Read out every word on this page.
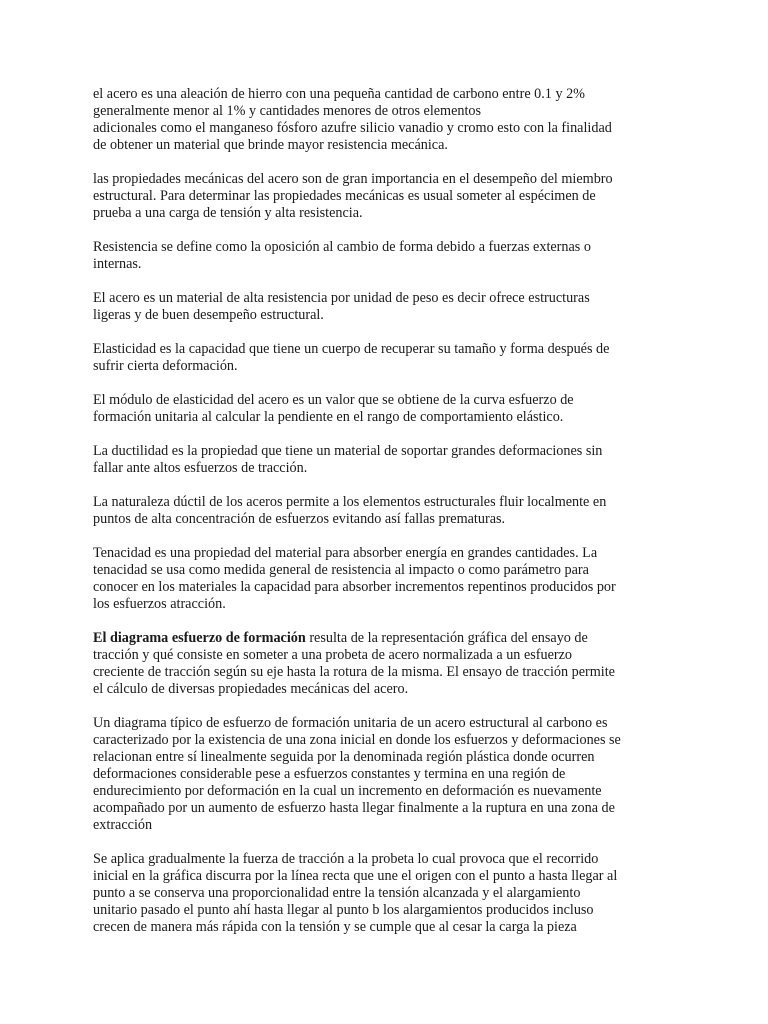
el acero es una aleación de hierro con una pequeña cantidad de carbono entre 0.1 y 2%
generalmente menor al 1% y cantidades menores de otros elementos
adicionales como el manganeso fósforo azufre silicio vanadio y cromo esto con la finalidad
de obtener un material que brinde mayor resistencia mecánica.
las propiedades mecánicas del acero son de gran importancia en el desempeño del miembro
estructural. Para determinar las propiedades mecánicas es usual someter al espécimen de
prueba a una carga de tensión y alta resistencia.
Resistencia se define como la oposición al cambio de forma debido a fuerzas externas o
internas.
El acero es un material de alta resistencia por unidad de peso es decir ofrece estructuras
ligeras y de buen desempeño estructural.
Elasticidad es la capacidad que tiene un cuerpo de recuperar su tamaño y forma después de
sufrir cierta deformación.
El módulo de elasticidad del acero es un valor que se obtiene de la curva esfuerzo de
formación unitaria al calcular la pendiente en el rango de comportamiento elástico.
La ductilidad es la propiedad que tiene un material de soportar grandes deformaciones sin
fallar ante altos esfuerzos de tracción.
La naturaleza dúctil de los aceros permite a los elementos estructurales fluir localmente en
puntos de alta concentración de esfuerzos evitando así fallas prematuras.
Tenacidad es una propiedad del material para absorber energía en grandes cantidades. La
tenacidad se usa como medida general de resistencia al impacto o como parámetro para
conocer en los materiales la capacidad para absorber incrementos repentinos producidos por
los esfuerzos atracción.
El diagrama esfuerzo de formación resulta de la representación gráfica del ensayo de
tracción y qué consiste en someter a una probeta de acero normalizada a un esfuerzo
creciente de tracción según su eje hasta la rotura de la misma. El ensayo de tracción permite
el cálculo de diversas propiedades mecánicas del acero.
Un diagrama típico de esfuerzo de formación unitaria de un acero estructural al carbono es
caracterizado por la existencia de una zona inicial en donde los esfuerzos y deformaciones se
relacionan entre sí linealmente seguida por la denominada región plástica donde ocurren
deformaciones considerable pese a esfuerzos constantes y termina en una región de
endurecimiento por deformación en la cual un incremento en deformación es nuevamente
acompañado por un aumento de esfuerzo hasta llegar finalmente a la ruptura en una zona de
extracción
Se aplica gradualmente la fuerza de tracción a la probeta lo cual provoca que el recorrido
inicial en la gráfica discurra por la línea recta que une el origen con el punto a hasta llegar al
punto a se conserva una proporcionalidad entre la tensión alcanzada y el alargamiento
unitario pasado el punto ahí hasta llegar al punto b los alargamientos producidos incluso
crecen de manera más rápida con la tensión y se cumple que al cesar la carga la pieza
